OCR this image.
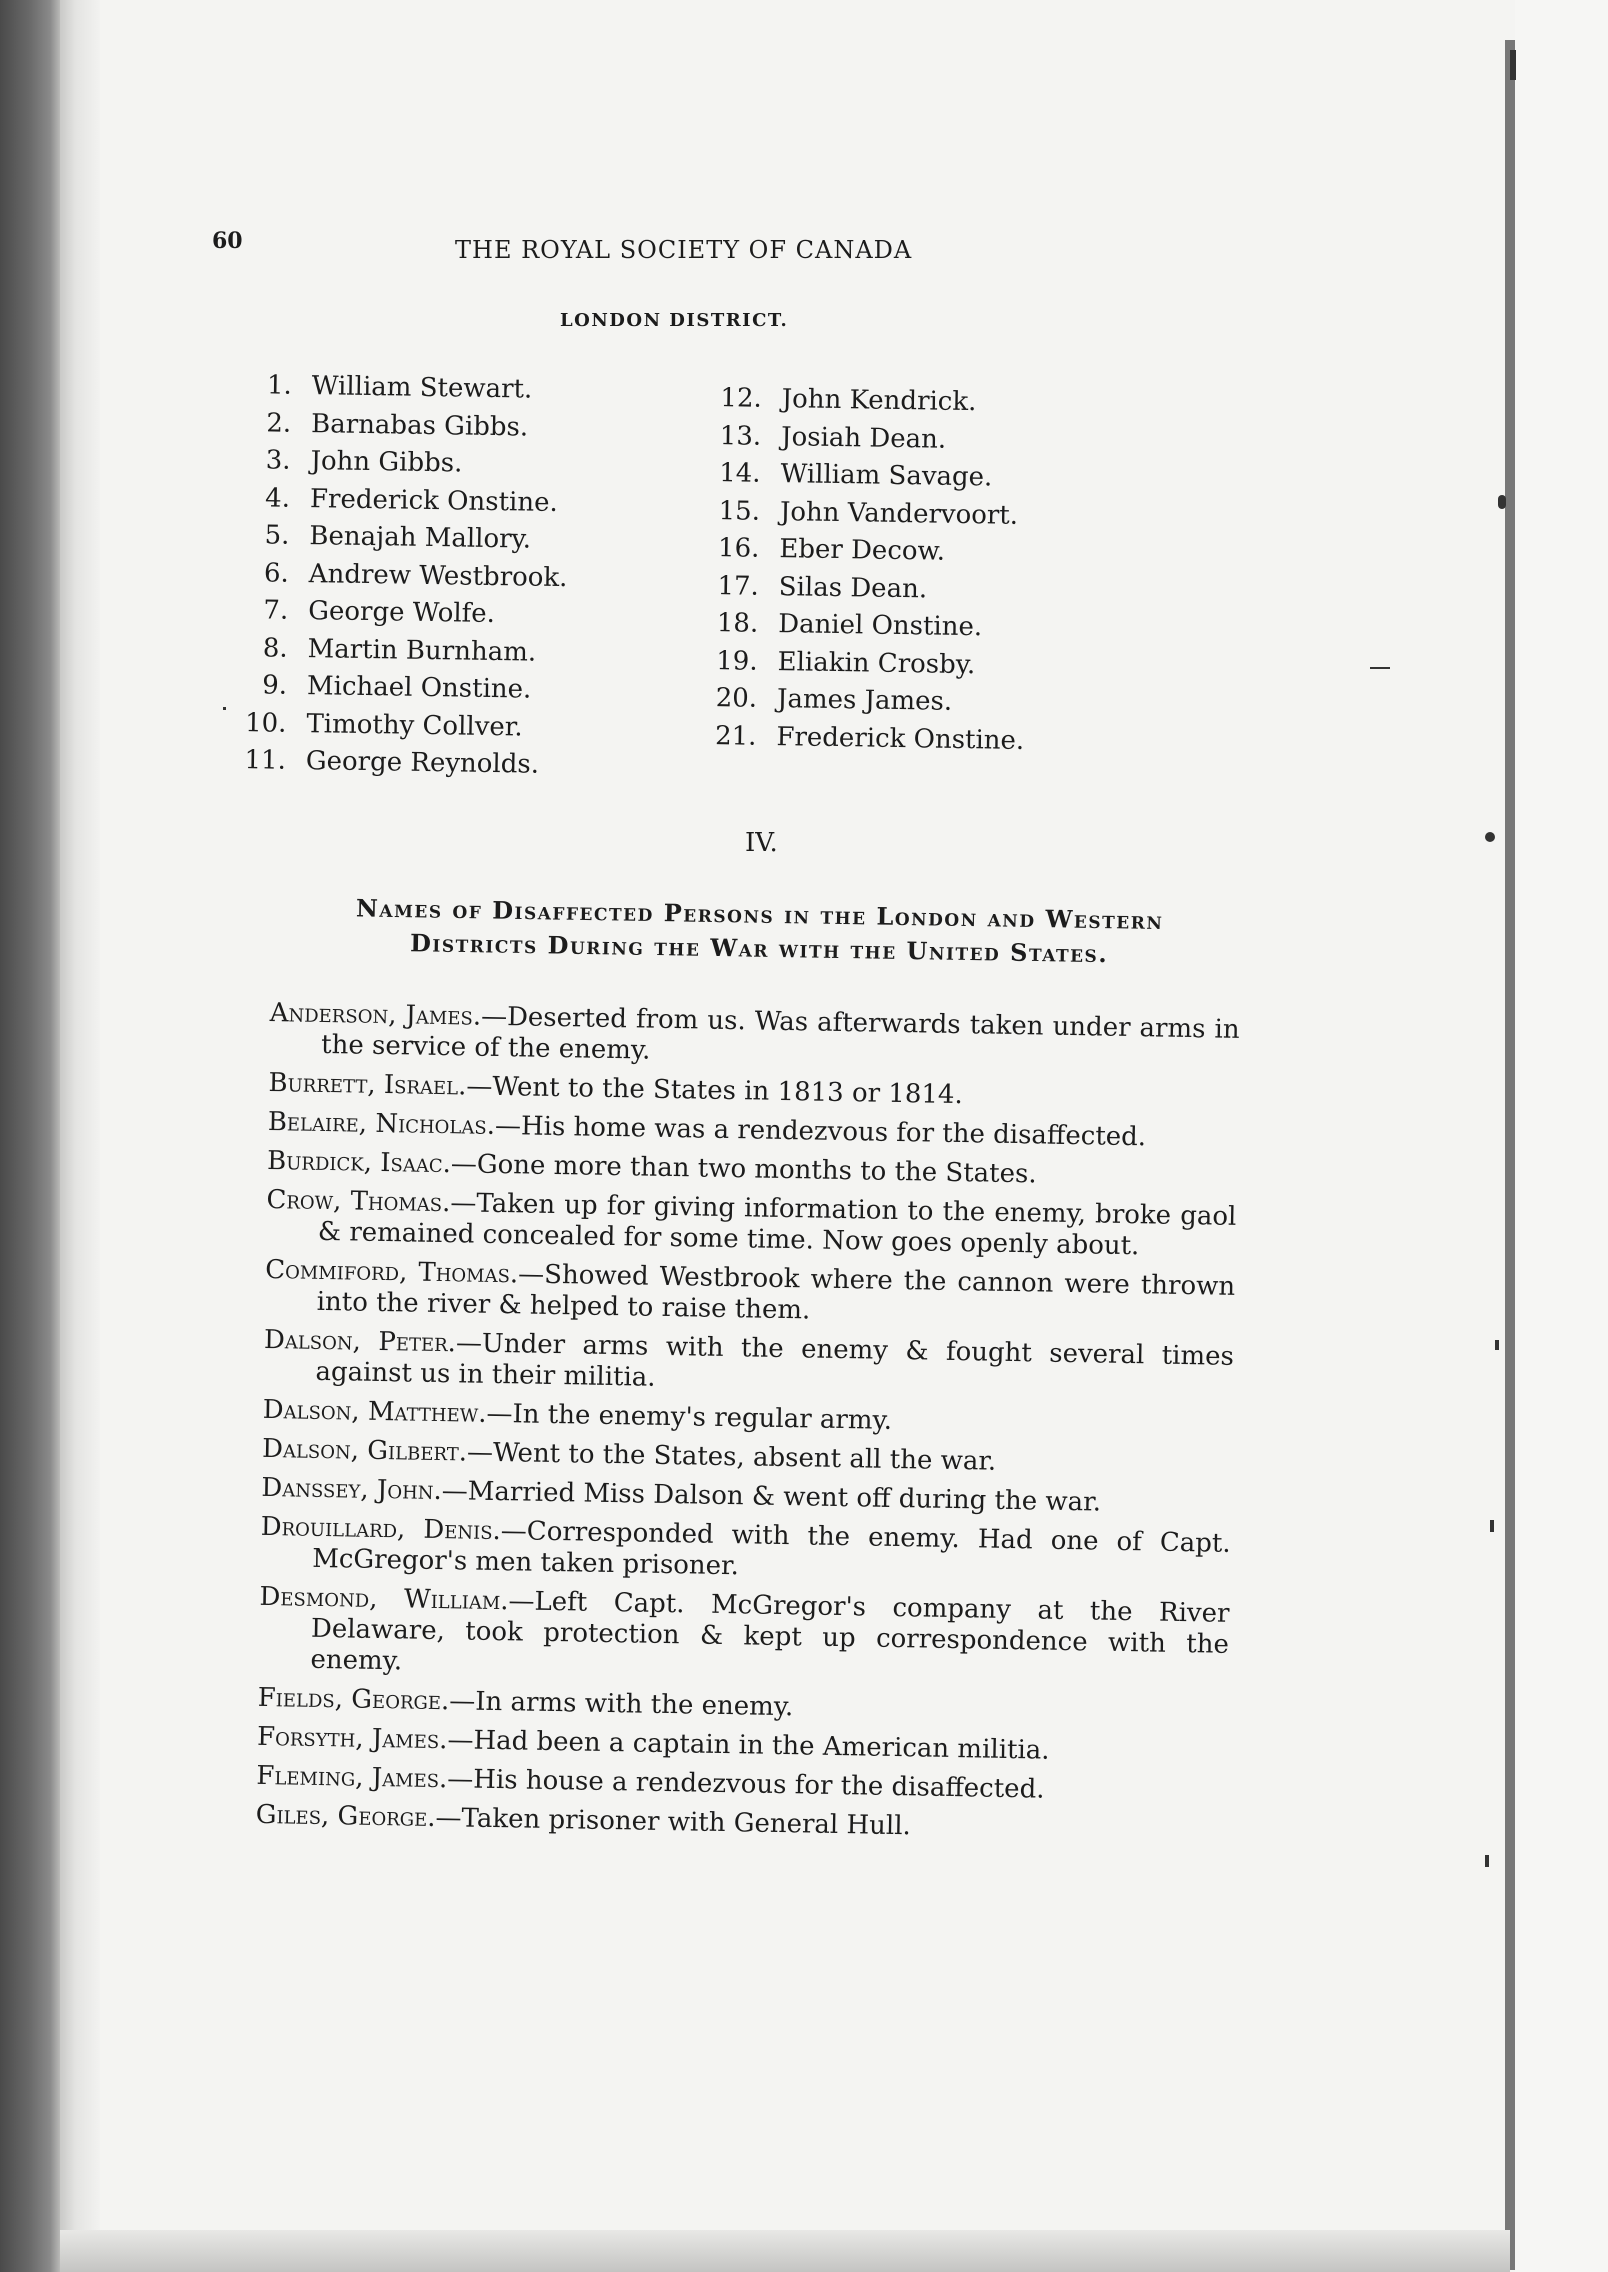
60	THE ROYAL SOCIETY OF CANADA
LONDON DISTRICT.
1. William Stewart.
2. Barnabas Gibbs.
3. John Gibbs.
4. Frederick Onstine.
5. Benajah Mallory.
6. Andrew Westbrook.
7. George Wolfe.
8. Martin Burnham.
9. Michael Onstine.
10. Timothy Collver.
11. George Reynolds.
12. John Kendrick.
13. Josiah Dean.
14. William Savage.
15. John Vandervoort.
16. Eber Decow.
17. Silas Dean.
18. Daniel Onstine.
19. Eliakin Crosby.
20. James James.
21. Frederick Onstine.
IV.
Names of Disaffected Persons in the London and Western
Districts During the War with the United States.
Anderson, James.—Deserted from us. Was afterwards taken under arms in the service of the enemy.
Burrett, Israel.—Went to the States in 1813 or 1814.
Belaire, Nicholas.—His home was a rendezvous for the disaffected.
Burdick, Isaac.—Gone more than two months to the States.
Crow, Thomas.—Taken up for giving information to the enemy, broke gaol & remained concealed for some time. Now goes openly about.
Commiford, Thomas.—Showed Westbrook where the cannon were thrown into the river & helped to raise them.
Dalson, Peter.—Under arms with the enemy & fought several times against us in their militia.
Dalson, Matthew.—In the enemy's regular army.
Dalson, Gilbert.—Went to the States, absent all the war.
Danssey, John.—Married Miss Dalson & went off during the war.
Drouillard, Denis.—Corresponded with the enemy. Had one of Capt. McGregor's men taken prisoner.
Desmond, William.—Left Capt. McGregor's company at the River Delaware, took protection & kept up correspondence with the enemy.
Fields, George.—In arms with the enemy.
Forsyth, James.—Had been a captain in the American militia.
Fleming, James.—His house a rendezvous for the disaffected.
Giles, George.—Taken prisoner with General Hull.
